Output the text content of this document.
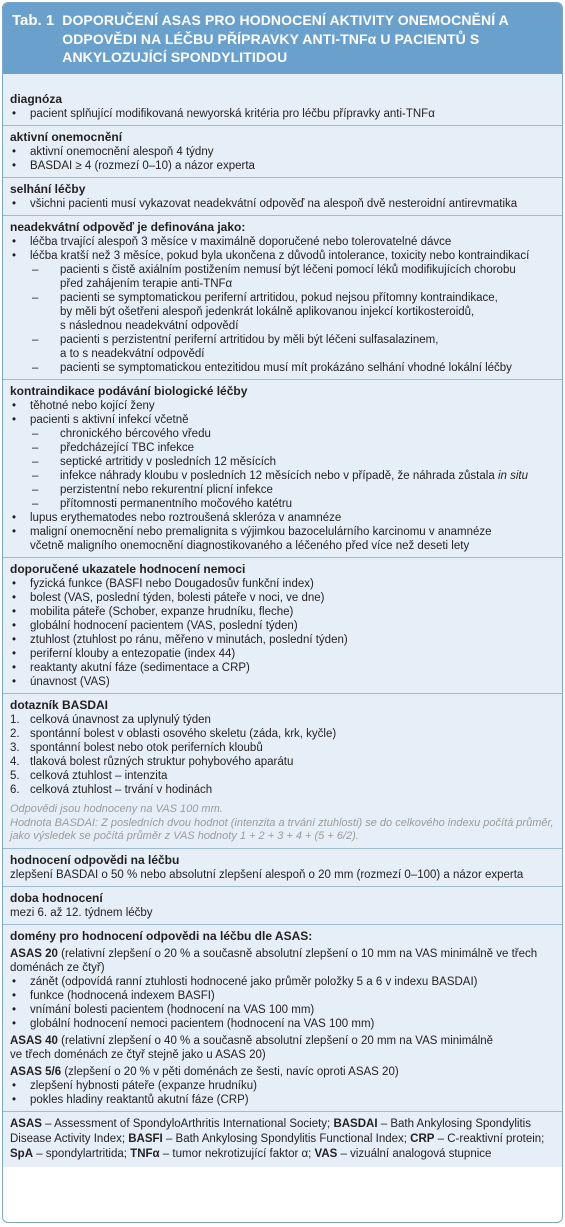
Tab. 1 DOPORUČENÍ ASAS PRO HODNOCENÍ AKTIVITY ONEMOCNĚNÍ A ODPOVĚDI NA LÉČBU PŘÍPRAVKY ANTI-TNFα U PACIENTŮ S ANKYLOZUJÍCÍ SPONDYLITIDOU
diagnóza
• pacient splňující modifikovaná newyorská kritéria pro léčbu přípravky anti-TNFα
aktivní onemocnění
• aktivní onemocnění alespoň 4 týdny
• BASDAI ≥ 4 (rozmezí 0–10) a názor experta
selhání léčby
• všichni pacienti musí vykazovat neadekvátní odpověď na alespoň dvě nesteroidní antirevmatika
neadekvátní odpověď je definována jako:
• léčba trvající alespoň 3 měsíce v maximálně doporučené nebo tolerovatelné dávce
• léčba kratší než 3 měsíce, pokud byla ukončena z důvodů intolerance, toxicity nebo kontraindikací
– pacienti s čistě axiálním postižením nemusí být léčeni pomocí léků modifikujících chorobu
před zahájením terapie anti-TNFα
– pacienti se symptomatickou periferní artritidou, pokud nejsou přítomny kontraindikace,
by měli být ošetřeni alespoň jedenkrát lokálně aplikovanou injekcí kortikosteroidů,
s následnou neadekvátní odpovědí
– pacienti s perzistentní periferní artritidou by měli být léčeni sulfasalazinem,
a to s neadekvátní odpovědí
– pacienti se symptomatickou entezitidou musí mít prokázáno selhání vhodné lokální léčby
kontraindikace podávání biologické léčby
• těhotné nebo kojící ženy
• pacienti s aktivní infekcí včetně
– chronického bércového vředu
– předcházející TBC infekce
– septické artritidy v posledních 12 měsících
– infekce náhrady kloubu v posledních 12 měsících nebo v případě, že náhrada zůstala in situ
– perzistentní nebo rekurentní plicní infekce
– přítomnosti permanentního močového katétru
• lupus erythematodes nebo roztroušená skleróza v anamnéze
• maligní onemocnění nebo premalignita s výjimkou bazocelulárního karcinomu v anamnéze
včetně maligního onemocnění diagnostikovaného a léčeného před více než deseti lety
doporučené ukazatele hodnocení nemoci
• fyzická funkce (BASFI nebo Dougadosův funkční index)
• bolest (VAS, poslední týden, bolesti páteře v noci, ve dne)
• mobilita páteře (Schober, expanze hrudníku, fleche)
• globální hodnocení pacientem (VAS, poslední týden)
• ztuhlost (ztuhlost po ránu, měřeno v minutách, poslední týden)
• periferní klouby a entezopatie (index 44)
• reaktanty akutní fáze (sedimentace a CRP)
• únavnost (VAS)
dotazník BASDAI
1. celková únavnost za uplynulý týden
2. spontánní bolest v oblasti osového skeletu (záda, krk, kyčle)
3. spontánní bolest nebo otok periferních kloubů
4. tlaková bolest různých struktur pohybového aparátu
5. celková ztuhlost – intenzita
6. celková ztuhlost – trvání v hodinách
Odpovědi jsou hodnoceny na VAS 100 mm.
Hodnota BASDAI: Z posledních dvou hodnot (intenzita a trvání ztuhlosti) se do celkového indexu počítá průměr,
jako výsledek se počítá průměr z VAS hodnoty 1 + 2 + 3 + 4 + (5 + 6/2).
hodnocení odpovědi na léčbu
zlepšení BASDAI o 50 % nebo absolutní zlepšení alespoň o 20 mm (rozmezí 0–100) a názor experta
doba hodnocení
mezi 6. až 12. týdnem léčby
domény pro hodnocení odpovědi na léčbu dle ASAS:
ASAS 20 (relativní zlepšení o 20 % a současně absolutní zlepšení o 10 mm na VAS minimálně ve třech
doménách ze čtyř)
• zánět (odpovídá ranní ztuhlosti hodnocené jako průměr položky 5 a 6 v indexu BASDAI)
• funkce (hodnocená indexem BASFI)
• vnímání bolesti pacientem (hodnocení na VAS 100 mm)
• globální hodnocení nemoci pacientem (hodnocení na VAS 100 mm)
ASAS 40 (relativní zlepšení o 40 % a současně absolutní zlepšení o 20 mm na VAS minimálně
ve třech doménách ze čtyř stejně jako u ASAS 20)
ASAS 5/6 (zlepšení o 20 % v pěti doménách ze šesti, navíc oproti ASAS 20)
• zlepšení hybnosti páteře (expanze hrudníku)
• pokles hladiny reaktantů akutní fáze (CRP)
ASAS – Assessment of SpondyloArthritis International Society; BASDAI – Bath Ankylosing Spondylitis Disease Activity Index; BASFI – Bath Ankylosing Spondylitis Functional Index; CRP – C-reaktivní protein; SpA – spondylartritida; TNFα – tumor nekrotizující faktor α; VAS – vizuální analogová stupnice
